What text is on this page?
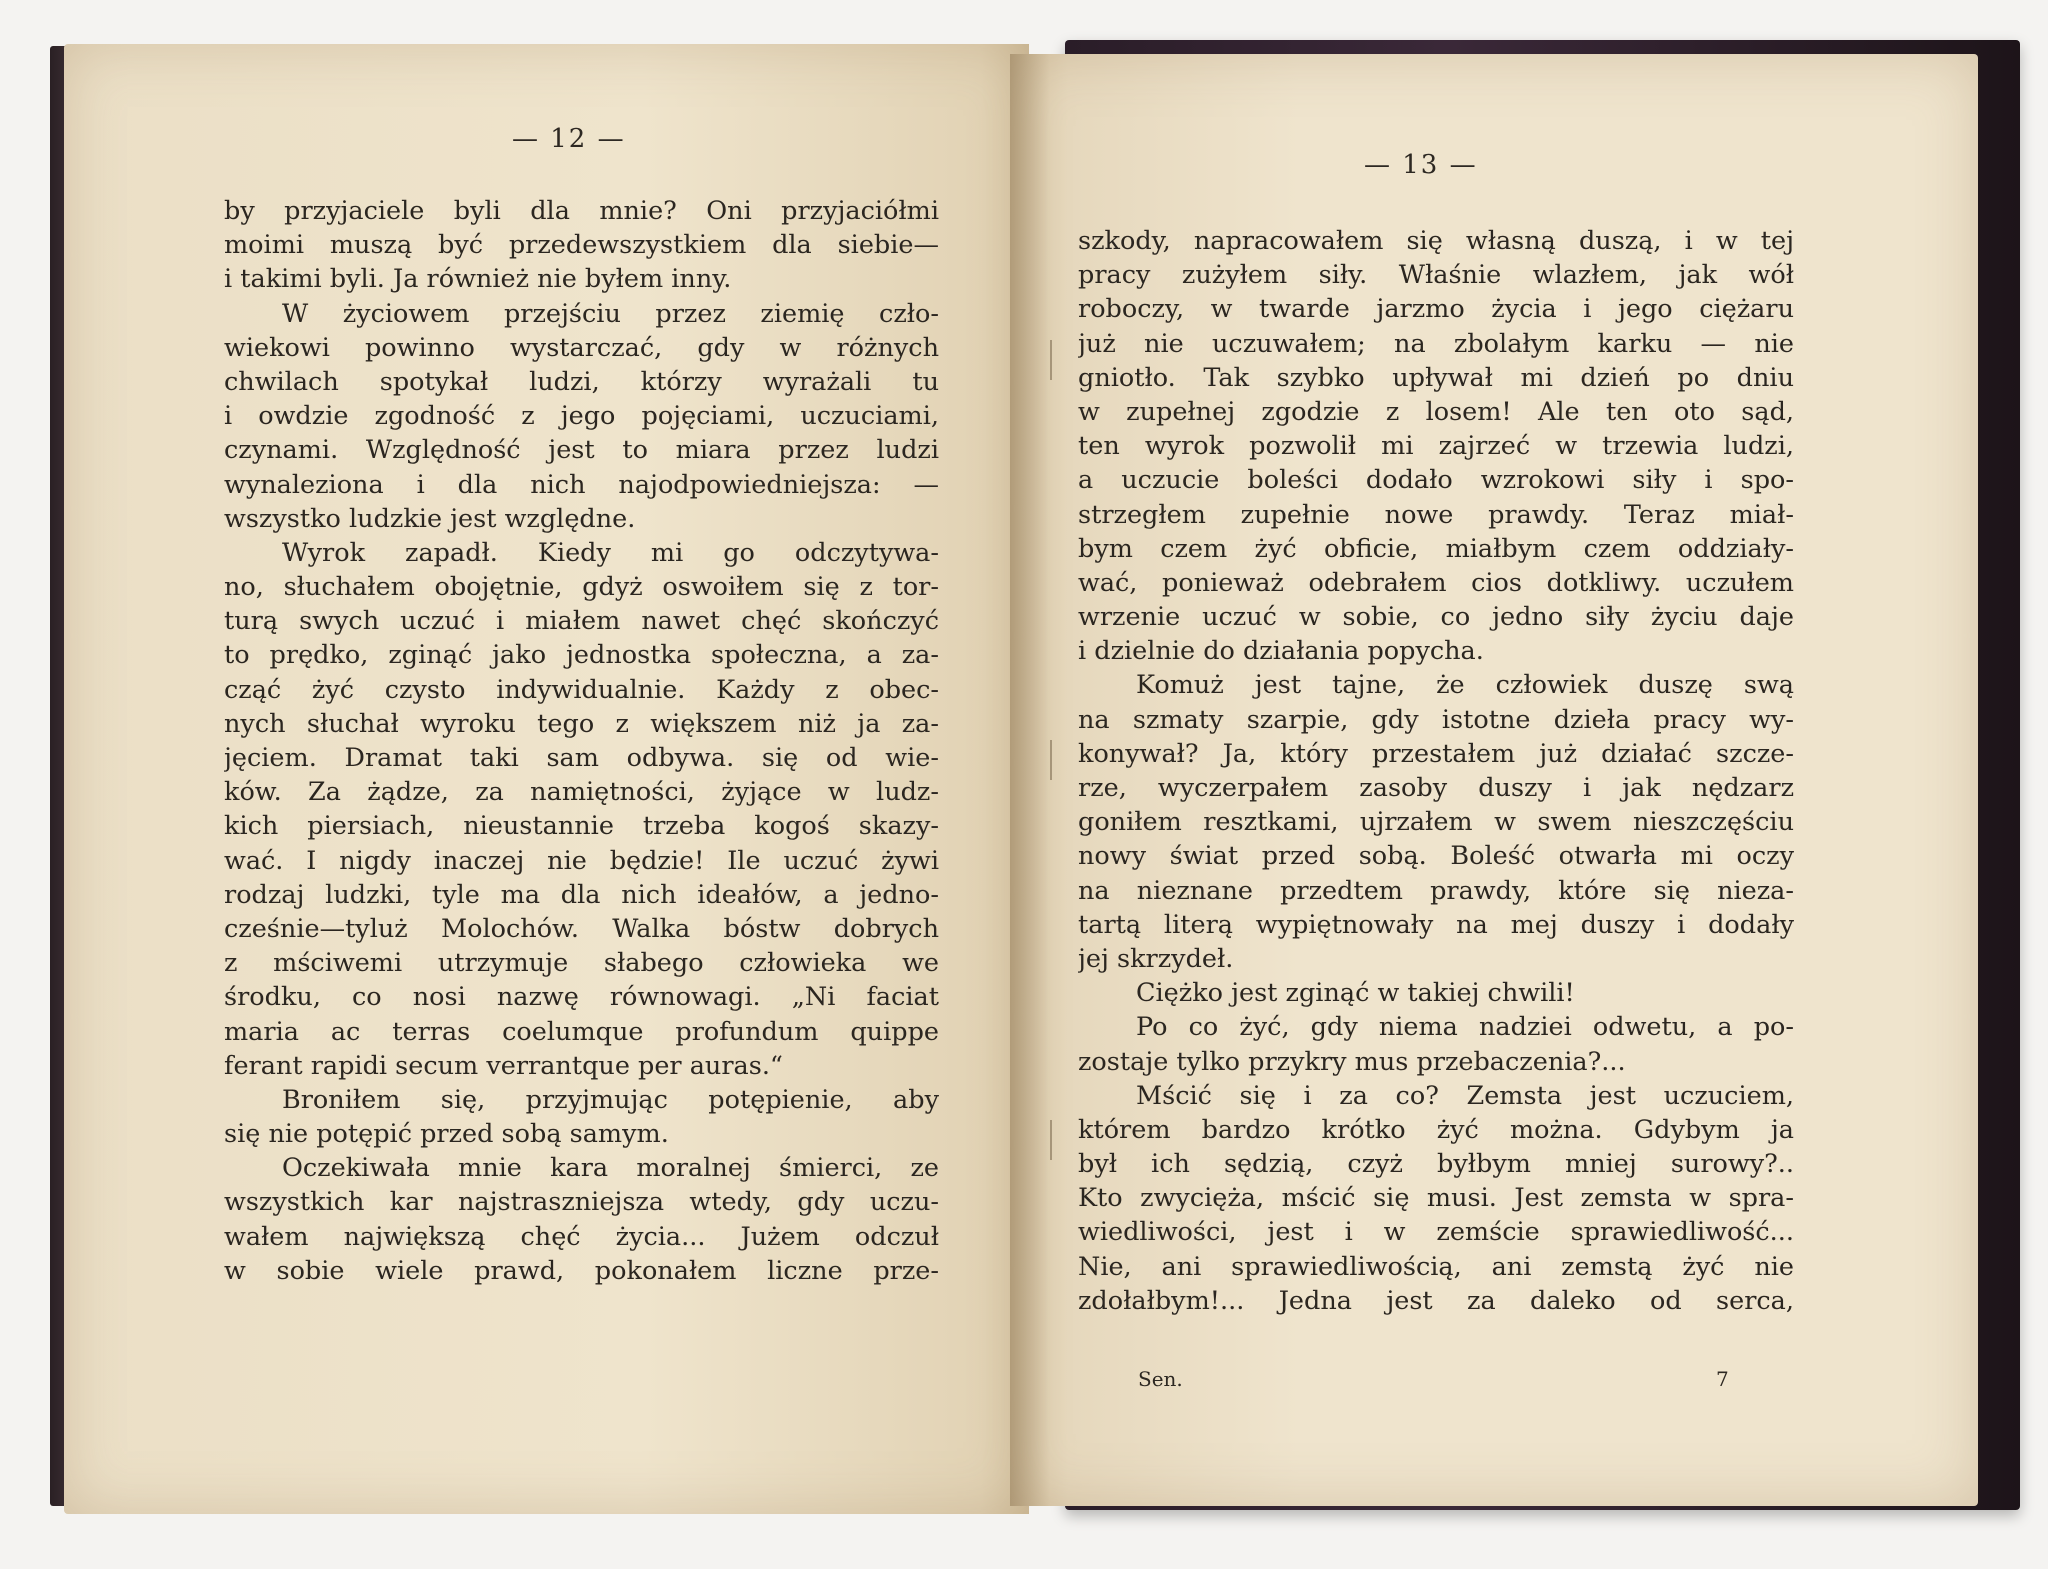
— 12 —
by przyjaciele byli dla mnie? Oni przyjaciółmi
moimi muszą być przedewszystkiem dla siebie—
i takimi byli. Ja również nie byłem inny.
W życiowem przejściu przez ziemię czło-
wiekowi powinno wystarczać, gdy w różnych
chwilach spotykał ludzi, którzy wyrażali tu
i owdzie zgodność z jego pojęciami, uczuciami,
czynami. Względność jest to miara przez ludzi
wynaleziona i dla nich najodpowiedniejsza: —
wszystko ludzkie jest względne.
Wyrok zapadł. Kiedy mi go odczytywa-
no, słuchałem obojętnie, gdyż oswoiłem się z tor-
turą swych uczuć i miałem nawet chęć skończyć
to prędko, zginąć jako jednostka społeczna, a za-
cząć żyć czysto indywidualnie. Każdy z obec-
nych słuchał wyroku tego z większem niż ja za-
jęciem. Dramat taki sam odbywa. się od wie-
ków. Za żądze, za namiętności, żyjące w ludz-
kich piersiach, nieustannie trzeba kogoś skazy-
wać. I nigdy inaczej nie będzie! Ile uczuć żywi
rodzaj ludzki, tyle ma dla nich ideałów, a jedno-
cześnie—tyluż Molochów. Walka bóstw dobrych
z mściwemi utrzymuje słabego człowieka we
środku, co nosi nazwę równowagi. „Ni faciat
maria ac terras coelumque profundum quippe
ferant rapidi secum verrantque per auras.“
Broniłem się, przyjmując potępienie, aby
się nie potępić przed sobą samym.
Oczekiwała mnie kara moralnej śmierci, ze
wszystkich kar najstraszniejsza wtedy, gdy uczu-
wałem największą chęć życia... Jużem odczuł
w sobie wiele prawd, pokonałem liczne prze-
— 13 —
szkody, napracowałem się własną duszą, i w tej
pracy zużyłem siły. Właśnie wlazłem, jak wół
roboczy, w twarde jarzmo życia i jego ciężaru
już nie uczuwałem; na zbolałym karku — nie
gniotło. Tak szybko upływał mi dzień po dniu
w zupełnej zgodzie z losem! Ale ten oto sąd,
ten wyrok pozwolił mi zajrzeć w trzewia ludzi,
a uczucie boleści dodało wzrokowi siły i spo-
strzegłem zupełnie nowe prawdy. Teraz miał-
bym czem żyć obficie, miałbym czem oddziały-
wać, ponieważ odebrałem cios dotkliwy. uczułem
wrzenie uczuć w sobie, co jedno siły życiu daje
i dzielnie do działania popycha.
Komuż jest tajne, że człowiek duszę swą
na szmaty szarpie, gdy istotne dzieła pracy wy-
konywał? Ja, który przestałem już działać szcze-
rze, wyczerpałem zasoby duszy i jak nędzarz
goniłem resztkami, ujrzałem w swem nieszczęściu
nowy świat przed sobą. Boleść otwarła mi oczy
na nieznane przedtem prawdy, które się nieza-
tartą literą wypiętnowały na mej duszy i dodały
jej skrzydeł.
Ciężko jest zginąć w takiej chwili!
Po co żyć, gdy niema nadziei odwetu, a po-
zostaje tylko przykry mus przebaczenia?...
Mścić się i za co? Zemsta jest uczuciem,
którem bardzo krótko żyć można. Gdybym ja
był ich sędzią, czyż byłbym mniej surowy?..
Kto zwycięża, mścić się musi. Jest zemsta w spra-
wiedliwości, jest i w zemście sprawiedliwość...
Nie, ani sprawiedliwością, ani zemstą żyć nie
zdołałbym!... Jedna jest za daleko od serca,
Sen.	7
